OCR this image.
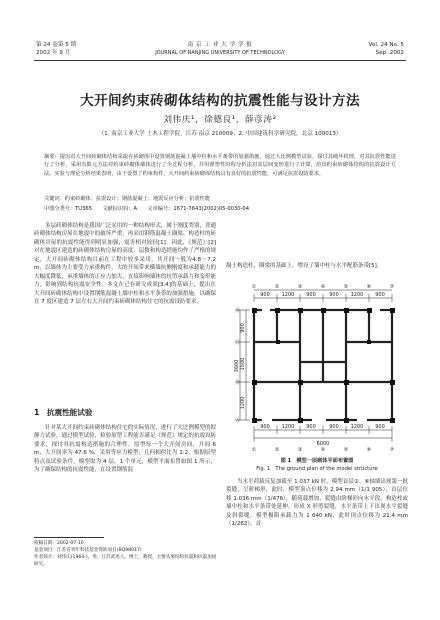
第 24 卷第 5 期
2002 年 9 月
南 京 工 业 大 学 学 报
JOURNAL OF NANJING UNIVERSITY OF TECHNOLOGY
Vol. 24 No. 5
Sep. 2002
大开间约束砖砌体结构的抗震性能与设计方法
刘伟庆¹，徐德良¹，薛彦涛²
（1. 南京工业大学 土木工程学院，江苏 南京 210009；2. 中国建筑科学研究院，北京 100013）
摘要：提出对大开间砖砌体结构采取在砖砌体中设置钢筋混凝土墙中柱和水平条带的加强措施，通过大比例模型试验，探讨其破坏机理，对其抗震性能进行了分析，采用有限元方法对约束砖砌体墙体进行了全过程分析，并用弹塑性时程分析法对其层间变形进行了计算，给出约束砖砌体结构的抗震设计方法，实验与理论分析结果表明，由于设置了约束构件，大开间约束砖砌体结构具有良好的抗震性能，可满足抗震设防要求。
关键词：约束砖砌体；抗震设计；钢筋混凝土；地震反应分析；抗震性能
中图分类号：TU365　　文献标识码：A　　文章编号：1671-7643(2002)05-0030-04
多层砖砌体结构是我国广泛采用的一种结构形式，属于刚度类别，普通砖砌体结构房屋在地震中的破坏严重，再采用钢筋混凝土圈梁、构造柱的砖砌体房屋的抗震性能得到明显加强，震害相对较轻[1]。因此，《规范》[2]对在地震区建造的砖砌体结构房屋的高度、层数和构造措施均作了严格的规定，大开间砖砌体结构目前在工程中较多采用，其开间一般为4.8～7.2 m，以墙体为主要受力承重构件，大的开间带来横墙抗侧刚度和承载能力的大幅度降低，承重墙体的正应力加大，直接影响墙体的抗剪承载力和变形能力，影响到结构抗震安全性。本文在已有研究成果[3,4]的基础上，提出在大开间砖砌体结构中设置钢筋混凝土墙中柱和水平条带的加强措施，以确保在 7 度区建造 7 层左右大开间约束砖砌体结构住宅的抗震设防要求。
1　抗震性能试验
针对某大开间约束砖砌体结构住宅的实际情况，进行了大比例模型的拟静力试验，通过模型试验，检验原型工程能否满足《规范》规定的抗震设防要求，探讨其抗震构造措施的合理性，原型每一个大开间房间，开间 6 m，大开间率为 47.6 %，采用等应力模型，几何相似比为 1:2，根据原型特点及试验条件，模型取为 4 层，1 个单元，模型平面布置如图 1 所示，为了确保结构的抗震性能，在设置钢筋混
收稿日期：2002-07-10
基金项目：江苏省青年科技基金资助项目(BQ98017)
作者简介：刘伟庆(1964-)，男，江苏武进人，博士，教授，主要从事结构抗震和抗震加固研究。
凝土构造柱、圈梁的基础上，增设了墙中柱与水平配筋条带[5]。
900 1200 900	900 1200 900
900 1200 900	900 1200 900
6000
①	②	③	④	⑤	⑥	⑦
①	②	③	④	⑤	⑥	⑦
Ⓐ
Ⓑ
Ⓒ
Ⓓ
900
1500
1200
3600
图 1　模型一层砌体平面布置图
Fig. 1　The ground plan of the model structure
当水平荷载反复加载至 1 037 kN 时，模型首层②、⑥轴墙出现第一批裂缝，呈阶梯形，此时，模型顶点位移为 2.94 mm（1/1 905），首层位移 1.036 mm（1/476），随荷载增加，裂缝由阶梯形向水平段、构造柱或墙中柱和水平条带处延伸，形成 X 形剪裂缝，水平条带上下出现水平裂缝及斜裂缝，模型极限承载力为 1 640 kN，此时顶点位移为 21.4 mm（1/262），首
